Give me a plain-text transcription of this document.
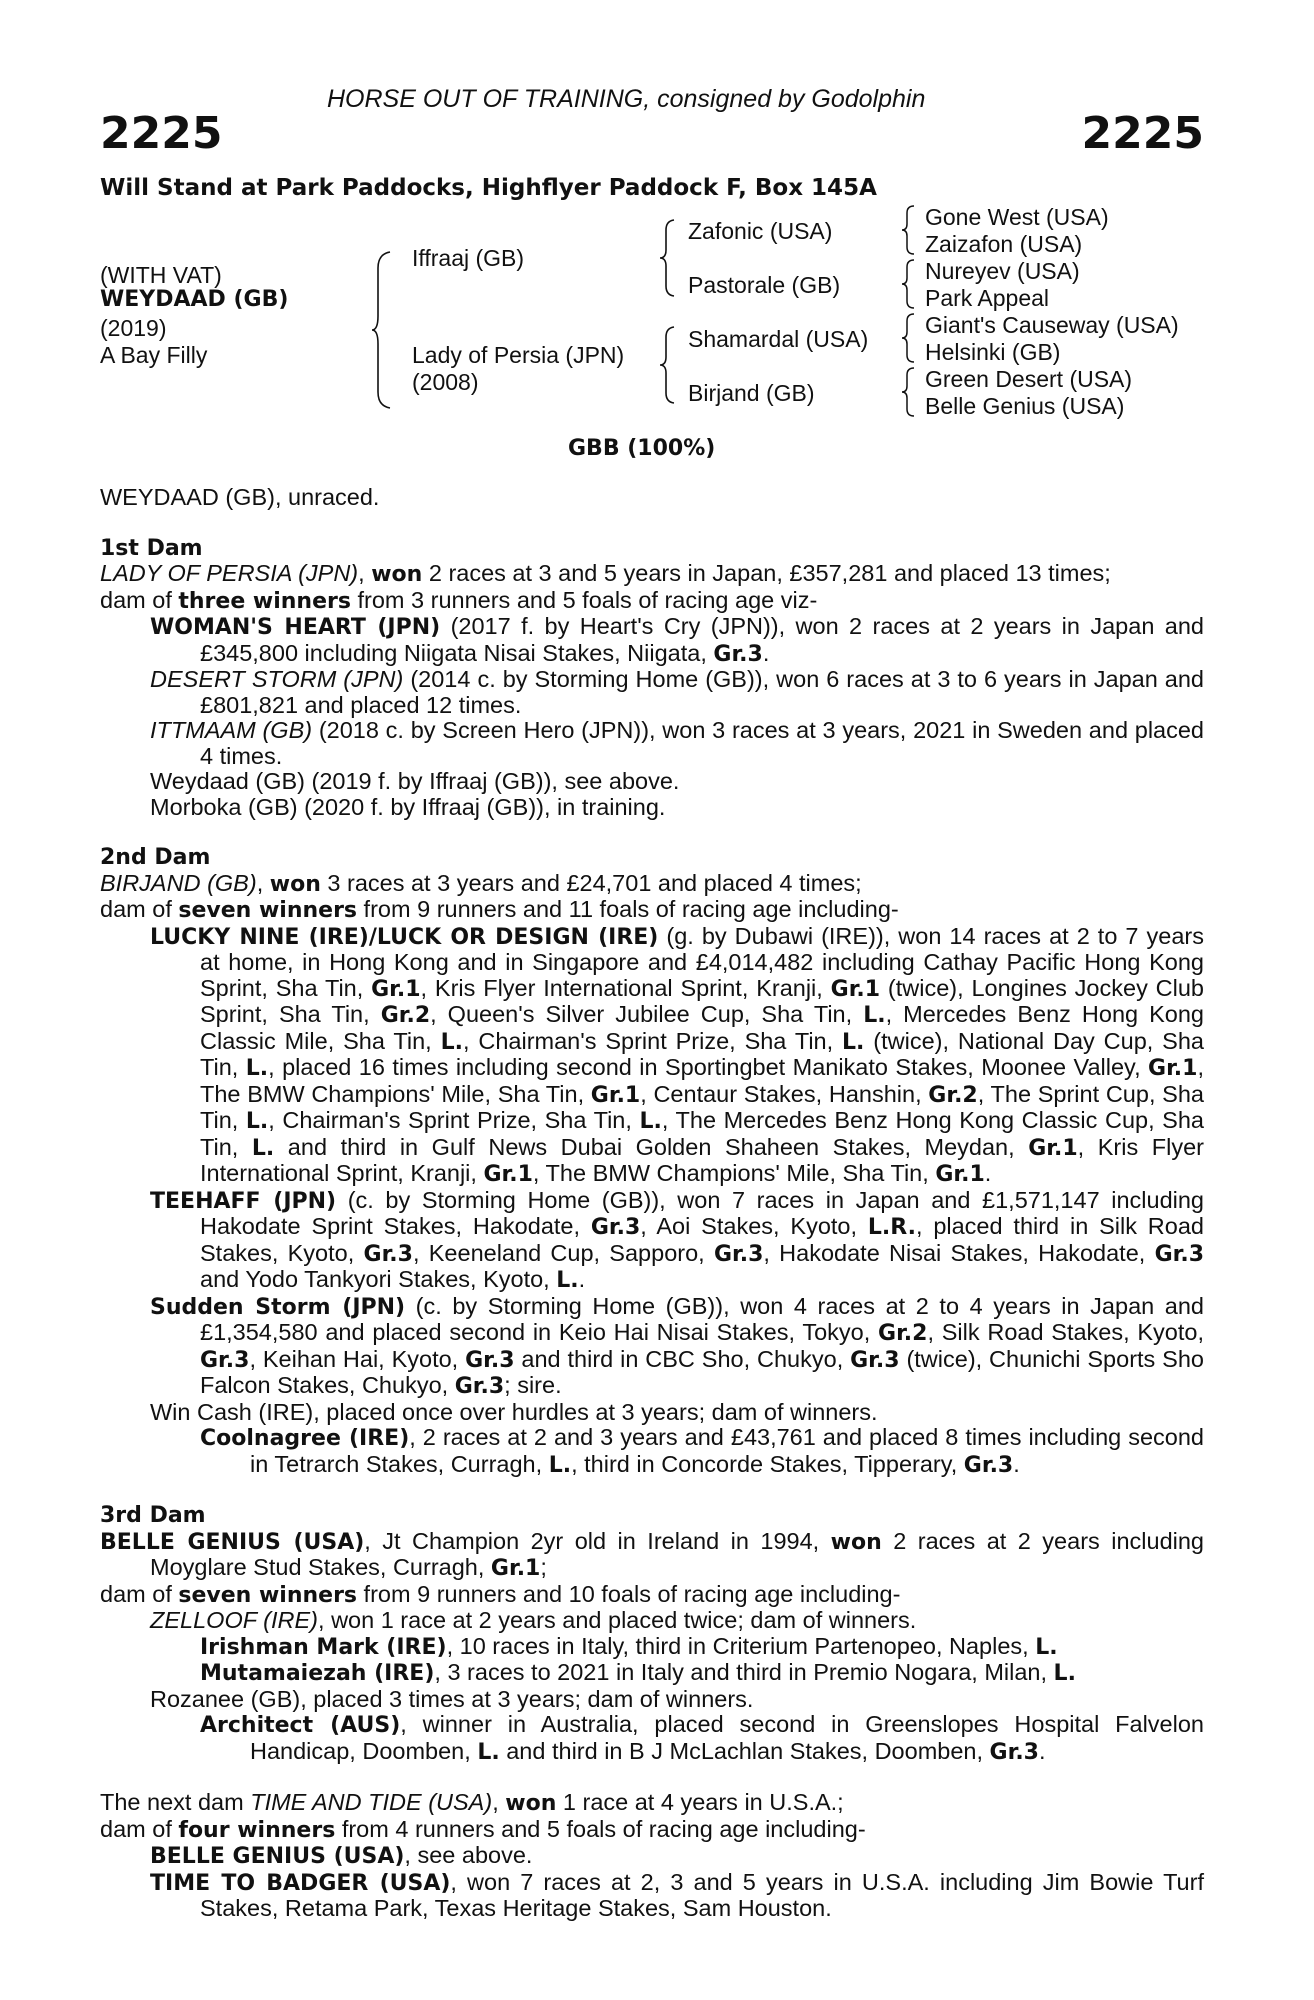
HORSE OUT OF TRAINING, consigned by Godolphin
2225	2225
Will Stand at Park Paddocks, Highflyer Paddock F, Box 145A
(WITH VAT)
WEYDAAD (GB)
(2019)
A Bay Filly
Iffraaj (GB)
Lady of Persia (JPN)
(2008)
Zafonic (USA)
Pastorale (GB)
Shamardal (USA)
Birjand (GB)
Gone West (USA)
Zaizafon (USA)
Nureyev (USA)
Park Appeal
Giant's Causeway (USA)
Helsinki (GB)
Green Desert (USA)
Belle Genius (USA)
GBB (100%)

WEYDAAD (GB), unraced.

1st Dam

LADY OF PERSIA (JPN), won 2 races at 3 and 5 years in Japan, £357,281 and placed 13 times;

dam of three winners from 3 runners and 5 foals of racing age viz-

WOMAN'S HEART (JPN) (2017 f. by Heart's Cry (JPN)), won 2 races at 2 years in Japan and £345,800 including Niigata Nisai Stakes, Niigata, Gr.3.

DESERT STORM (JPN) (2014 c. by Storming Home (GB)), won 6 races at 3 to 6 years in Japan and £801,821 and placed 12 times.

ITTMAAM (GB) (2018 c. by Screen Hero (JPN)), won 3 races at 3 years, 2021 in Sweden and placed 4 times.

Weydaad (GB) (2019 f. by Iffraaj (GB)), see above.

Morboka (GB) (2020 f. by Iffraaj (GB)), in training.

2nd Dam

BIRJAND (GB), won 3 races at 3 years and £24,701 and placed 4 times;

dam of seven winners from 9 runners and 11 foals of racing age including-

LUCKY NINE (IRE)/LUCK OR DESIGN (IRE) (g. by Dubawi (IRE)), won 14 races at 2 to 7 years at home, in Hong Kong and in Singapore and £4,014,482 including Cathay Pacific Hong Kong Sprint, Sha Tin, Gr.1, Kris Flyer International Sprint, Kranji, Gr.1 (twice), Longines Jockey Club Sprint, Sha Tin, Gr.2, Queen's Silver Jubilee Cup, Sha Tin, L., Mercedes Benz Hong Kong Classic Mile, Sha Tin, L., Chairman's Sprint Prize, Sha Tin, L. (twice), National Day Cup, Sha Tin, L., placed 16 times including second in Sportingbet Manikato Stakes, Moonee Valley, Gr.1, The BMW Champions' Mile, Sha Tin, Gr.1, Centaur Stakes, Hanshin, Gr.2, The Sprint Cup, Sha Tin, L., Chairman's Sprint Prize, Sha Tin, L., The Mercedes Benz Hong Kong Classic Cup, Sha Tin, L. and third in Gulf News Dubai Golden Shaheen Stakes, Meydan, Gr.1, Kris Flyer International Sprint, Kranji, Gr.1, The BMW Champions' Mile, Sha Tin, Gr.1.

TEEHAFF (JPN) (c. by Storming Home (GB)), won 7 races in Japan and £1,571,147 including Hakodate Sprint Stakes, Hakodate, Gr.3, Aoi Stakes, Kyoto, L.R., placed third in Silk Road Stakes, Kyoto, Gr.3, Keeneland Cup, Sapporo, Gr.3, Hakodate Nisai Stakes, Hakodate, Gr.3 and Yodo Tankyori Stakes, Kyoto, L..

Sudden Storm (JPN) (c. by Storming Home (GB)), won 4 races at 2 to 4 years in Japan and £1,354,580 and placed second in Keio Hai Nisai Stakes, Tokyo, Gr.2, Silk Road Stakes, Kyoto, Gr.3, Keihan Hai, Kyoto, Gr.3 and third in CBC Sho, Chukyo, Gr.3 (twice), Chunichi Sports Sho Falcon Stakes, Chukyo, Gr.3; sire.

Win Cash (IRE), placed once over hurdles at 3 years; dam of winners.

Coolnagree (IRE), 2 races at 2 and 3 years and £43,761 and placed 8 times including second in Tetrarch Stakes, Curragh, L., third in Concorde Stakes, Tipperary, Gr.3.

3rd Dam

BELLE GENIUS (USA), Jt Champion 2yr old in Ireland in 1994, won 2 races at 2 years including Moyglare Stud Stakes, Curragh, Gr.1;

dam of seven winners from 9 runners and 10 foals of racing age including-

ZELLOOF (IRE), won 1 race at 2 years and placed twice; dam of winners.

Irishman Mark (IRE), 10 races in Italy, third in Criterium Partenopeo, Naples, L.

Mutamaiezah (IRE), 3 races to 2021 in Italy and third in Premio Nogara, Milan, L.

Rozanee (GB), placed 3 times at 3 years; dam of winners.

Architect (AUS), winner in Australia, placed second in Greenslopes Hospital Falvelon Handicap, Doomben, L. and third in B J McLachlan Stakes, Doomben, Gr.3.

The next dam TIME AND TIDE (USA), won 1 race at 4 years in U.S.A.;

dam of four winners from 4 runners and 5 foals of racing age including-

BELLE GENIUS (USA), see above.

TIME TO BADGER (USA), won 7 races at 2, 3 and 5 years in U.S.A. including Jim Bowie Turf Stakes, Retama Park, Texas Heritage Stakes, Sam Houston.
